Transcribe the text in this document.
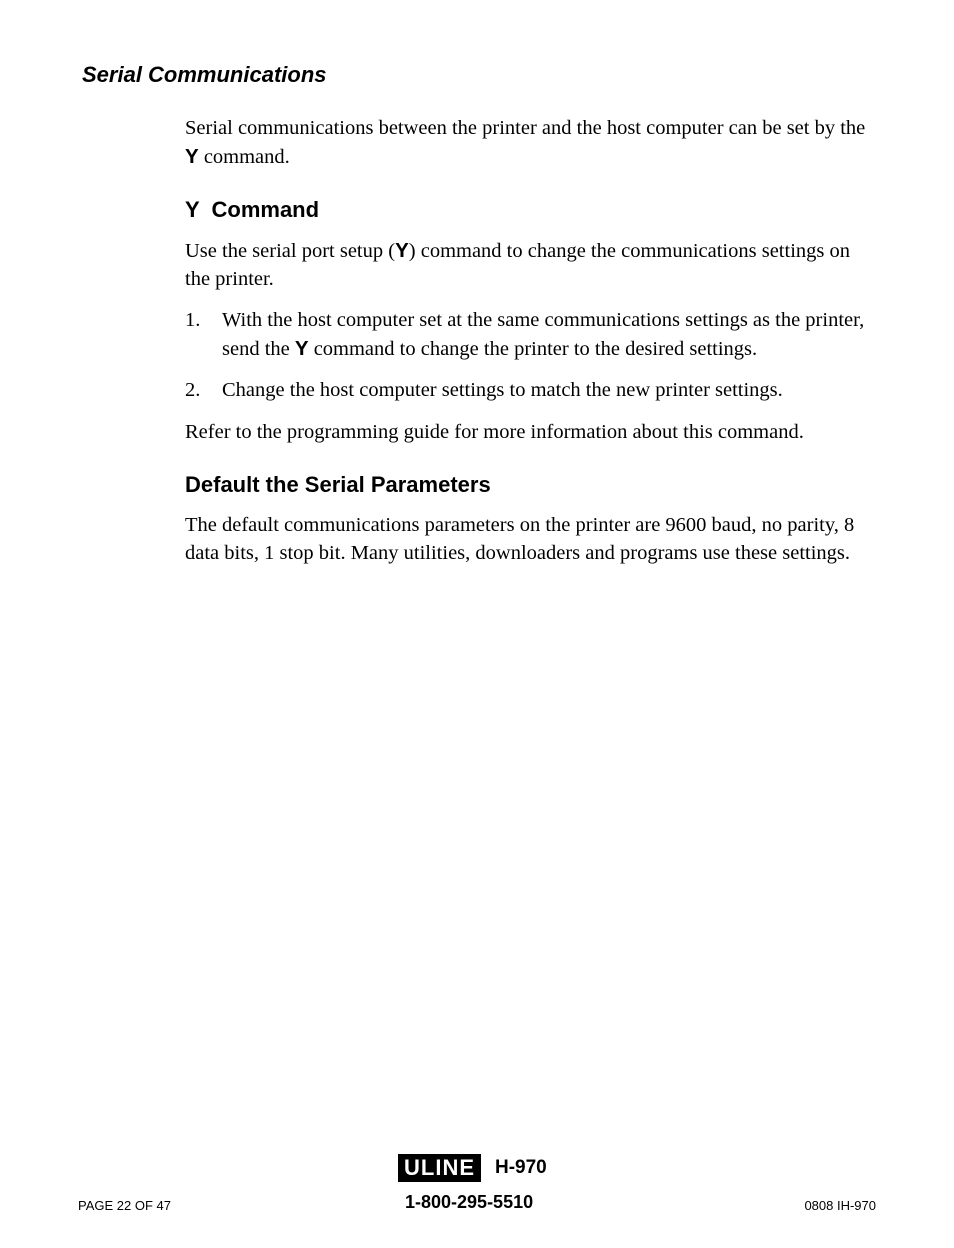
Serial Communications

Serial communications between the printer and the host computer can be set by the Y command.

Y  Command

Use the serial port setup (Y) command to change the communications settings on the printer.

1. With the host computer set at the same communications settings as the printer, send the Y command to change the printer to the desired settings.
2. Change the host computer settings to match the new printer settings.

Refer to the programming guide for more information about this command.

Default the Serial Parameters

The default communications parameters on the printer are 9600 baud, no parity, 8 data bits, 1 stop bit. Many utilities, downloaders and programs use these settings.

ULINE	H-970
1-800-295-5510
PAGE 22 OF 47	0808 IH-970
